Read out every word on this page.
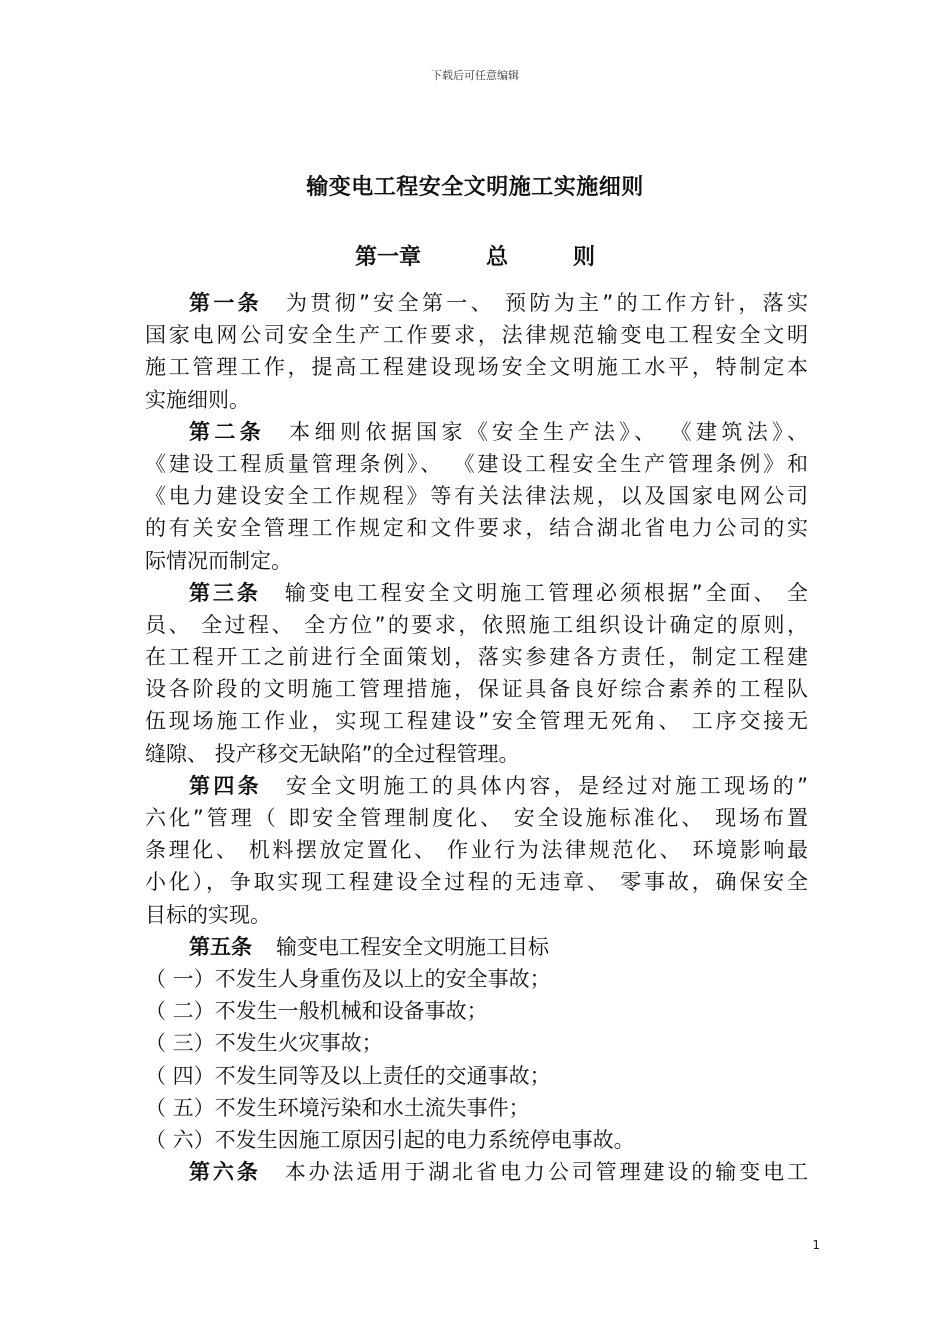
下载后可任意编辑
输变电工程安全文明施工实施细则
第一章   总   则
第一条 为贯彻”安全第一、 预防为主”的工作方针，落实
国家电网公司安全生产工作要求，法律规范输变电工程安全文明
施工管理工作，提高工程建设现场安全文明施工水平，特制定本
实施细则。
第二条 本细则依据国家《安全生产法》、 《建筑法》、
《建设工程质量管理条例》、 《建设工程安全生产管理条例》和
《电力建设安全工作规程》等有关法律法规，以及国家电网公司
的有关安全管理工作规定和文件要求，结合湖北省电力公司的实
际情况而制定。
第三条 输变电工程安全文明施工管理必须根据”全面、 全
员、 全过程、 全方位”的要求，依照施工组织设计确定的原则，
在工程开工之前进行全面策划，落实参建各方责任，制定工程建
设各阶段的文明施工管理措施，保证具备良好综合素养的工程队
伍现场施工作业，实现工程建设”安全管理无死角、 工序交接无
缝隙、 投产移交无缺陷”的全过程管理。
第四条 安全文明施工的具体内容，是经过对施工现场的”
六化”管理（ 即安全管理制度化、 安全设施标准化、 现场布置
条理化、 机料摆放定置化、 作业行为法律规范化、 环境影响最
小化），争取实现工程建设全过程的无违章、 零事故，确保安全
目标的实现。
第五条 输变电工程安全文明施工目标
（ 一）不发生人身重伤及以上的安全事故；
（ 二）不发生一般机械和设备事故；
（ 三）不发生火灾事故；
（ 四）不发生同等及以上责任的交通事故；
（ 五）不发生环境污染和水土流失事件；
（ 六）不发生因施工原因引起的电力系统停电事故。
第六条 本办法适用于湖北省电力公司管理建设的输变电工
1
